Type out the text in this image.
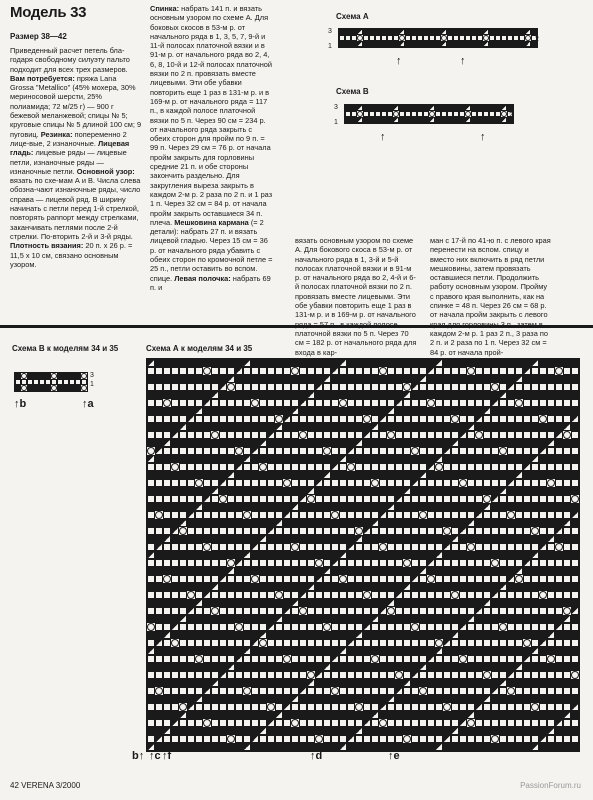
Модель 33
Размер 38—42

Приведенный расчет петель бла-годаря свободному силуэту пальто подходит для всех трех размеров. Вам потребуется: пряжа Lana Grossa "Metallico" (45% мохера, 30% мериносовой шерсти, 25% полиамида; 72 м/25 г) — 900 г бежевой меланжевой; спицы № 5; круговые спицы № 5 длиной 100 см; 9 пуговиц. Резинка: попеременно 2 лице-вые, 2 изнаночные. Лицевая гладь: лицевые ряды — лицевые петли, изнаночные ряды — изнаночные петли. Основной узор: вязать по схе-мам А и В. Числа слева обозна-чают изнаночные ряды, число справа — лицевой ряд. В ширину начинать с петли перед 1-й стрелкой, повторять раппорт между стрелками, заканчивать петлями после 2-й стрелки. По-вторить 2-й и 3-й ряды. Плотность вязания: 20 п. x 26 р. = 11,5 x 10 см, связано основным узором.

Спинка: набрать 141 п. и вязать основным узором по схеме А. Для боковых скосов в 53-м р. от начального ряда в 1, 3, 5, 7, 9-й и 11-й полосах платочной вязки и в 91-м р. от начального ряда во 2, 4, 6, 8, 10-й и 12-й полосах платочной вязки по 2 п. провязать вместе лицевыми. Эти обе убавки повторить еще 1 раз в 131-м р. и в 169-м р. от начального ряда = 117 п., в каждой полосе платочной вязки по 5 п. Через 90 см = 234 р. от начального ряда закрыть с обеих сторон для пройм по 9 п. = 99 п. Через 29 см = 76 р. от начала пройм закрыть для горловины средние 21 п. и обе стороны закончить раздельно. Для закругления выреза закрыть в каждом 2-м р. 2 раза по 2 п. и 1 раз 1 п. Через 32 см = 84 р. от начала пройм закрыть оставшиеся 34 п. плеча. Мешковина кармана (= 2 детали): набрать 27 п. и вязать лицевой гладью. Через 15 см = 36 р. от начального ряда убавить с обеих сторон по кромочной петле = 25 п., петли оставить во вспом. спице. Левая полочка: набрать 69 п. и

вязать основным узором по схеме А. Для бокового скоса в 53-м р. от начального ряда в 1, 3-й и 5-й полосах платочной вязки и в 91-м р. от начального ряда во 2, 4-й и 6-й полосах платочной вязки по 2 п. провязать вместе лицевыми. Эти обе убавки повторить еще 1 раз в 131-м р. и в 169-м р. от начального платочной вязки по 5 п. Через 70 см = 182 р. от начального ряда для входа в кар-
ман с 17-й по 41-ю п. с левого края перенести на вспом. спицу и вместо них включить в ряд петли мешковины, затем провязать оставшиеся петли. Продолжить работу основным узором. Пройму с правого края выполнить, как на спинке = 48 п. Через 26 см = 68 р. от начала пройм закрыть с левого каждом 2-м р. 1 раз 2 п., 3 раза по 2 п. и 2 раза по 1 п. Через 32 см = 84 р. от начала прой-
Схема А
3
1
2
↑	↑
Схема В
3
1
2
↑	↑
Схема В к моделям 34 и 35
3
1
↑b	↑a
Схема А к моделям 34 и 35
b↑ ↑c ↑f	↑d	↑e
42 VERENA 3/2000	PassionForum.ru
